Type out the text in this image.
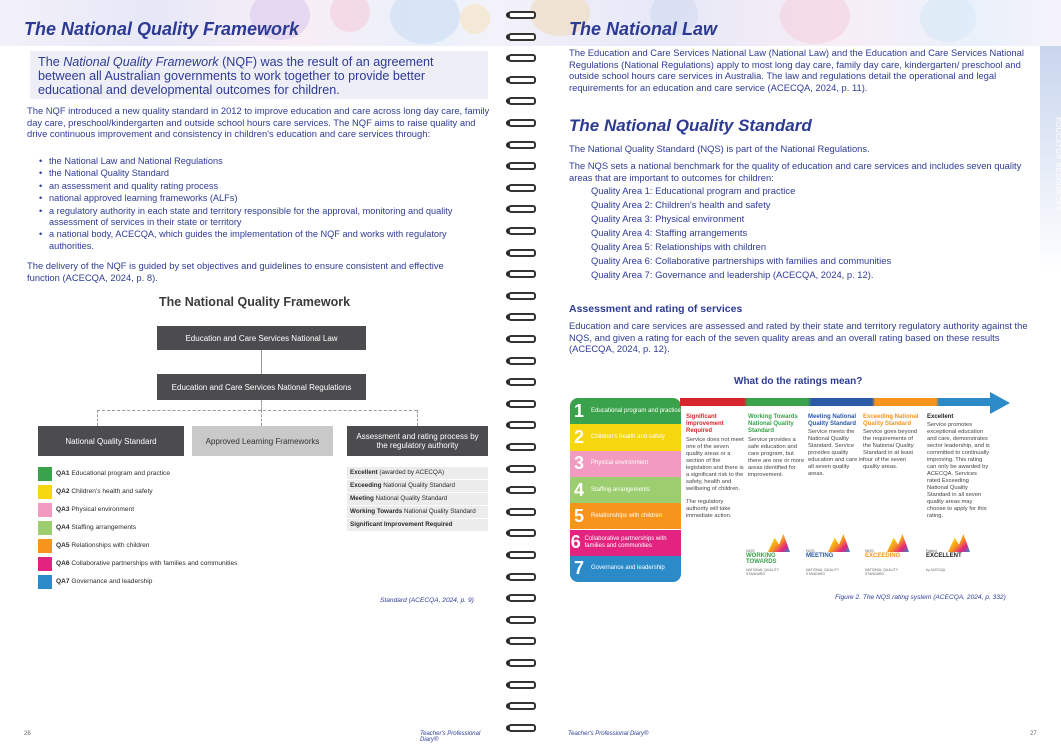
The National Quality Framework
The National Quality Framework (NQF) was the result of an agreement between all Australian governments to work together to provide better educational and developmental outcomes for children.
The NQF introduced a new quality standard in 2012 to improve education and care across long day care, family day care, preschool/kindergarten and outside school hours care services. The NQF aims to raise quality and drive continuous improvement and consistency in children's education and care services through:
• the National Law and National Regulations
• the National Quality Standard
• an assessment and quality rating process
• national approved learning frameworks (ALFs)
• a regulatory authority in each state and territory responsible for the approval, monitoring and quality assessment of services in their state or territory
• a national body, ACECQA, which guides the implementation of the NQF and works with regulatory authorities.
The delivery of the NQF is guided by set objectives and guidelines to ensure consistent and effective function (ACECQA, 2024, p. 8).
The National Quality Framework
Education and Care Services National Law
Education and Care Services National Regulations
National Quality Standard	Approved Learning Frameworks	Assessment and rating process by the regulatory authority
QA1 Educational program and practice
QA2 Children's health and safety
QA3 Physical environment
QA4 Staffing arrangements
QA5 Relationships with children
QA6 Collaborative partnerships with families and communities
QA7 Governance and leadership
Excellent (awarded by ACECQA)
Exceeding National Quality Standard
Meeting National Quality Standard
Working Towards National Quality Standard
Significant Improvement Required
Standard (ACECQA, 2024, p. 9)
26	Teacher's Professional Diary®
EDUCATOR RESOURCES
The National Law
The Education and Care Services National Law (National Law) and the Education and Care Services National Regulations (National Regulations) apply to most long day care, family day care, kindergarten/ preschool and outside school hours care services in Australia. The law and regulations detail the operational and legal requirements for an education and care service (ACECQA, 2024, p. 11).
The National Quality Standard
The National Quality Standard (NQS) is part of the National Regulations.
The NQS sets a national benchmark for the quality of education and care services and includes seven quality areas that are important to outcomes for children:
Quality Area 1: Educational program and practice
Quality Area 2: Children's health and safety
Quality Area 3: Physical environment
Quality Area 4: Staffing arrangements
Quality Area 5: Relationships with children
Quality Area 6: Collaborative partnerships with families and communities
Quality Area 7: Governance and leadership (ACECQA, 2024, p. 12).
Assessment and rating of services
Education and care services are assessed and rated by their state and territory regulatory authority against the NQS, and given a rating for each of the seven quality areas and an overall rating based on these results (ACECQA, 2024, p. 12).
What do the ratings mean?
1	Educational program and practice
2	Children's health and safety
3	Physical environment
4	Staffing arrangements
5	Relationships with children
6 Collaborative partnerships with families and communities
7	Governance and leadership
Significant Improvement Required
Service does not meet one of the seven quality areas or a section of the legislation and there is a significant risk to the safety, health and wellbeing of children.
The regulatory authority will take immediate action.
Working Towards National Quality Standard
Service provides a safe education and care program, but there are one or more areas identified for improvement.
Meeting National Quality Standard
Service meets the National Quality Standard. Service provides quality education and care in all seven quality areas.
Exceeding National Quality Standard
Service goes beyond the requirements of the National Quality Standard in at least four of the seven quality areas.
Excellent
Service promotes exceptional education and care, demonstrates sector leadership, and is committed to continually improving. This rating can only be awarded by ACECQA. Services rated Exceeding National Quality Standard in all seven quality areas may choose to apply for this rating.
NQS
WORKING TOWARDS
NATIONAL QUALITY STANDARD
NQS
MEETING
NATIONAL QUALITY STANDARD
NQS
EXCEEDING
NATIONAL QUALITY STANDARD
Rated
EXCELLENT
by ACECQA
Figure 2. The NQS rating system (ACECQA, 2024, p. 332)
Teacher's Professional Diary®	27
